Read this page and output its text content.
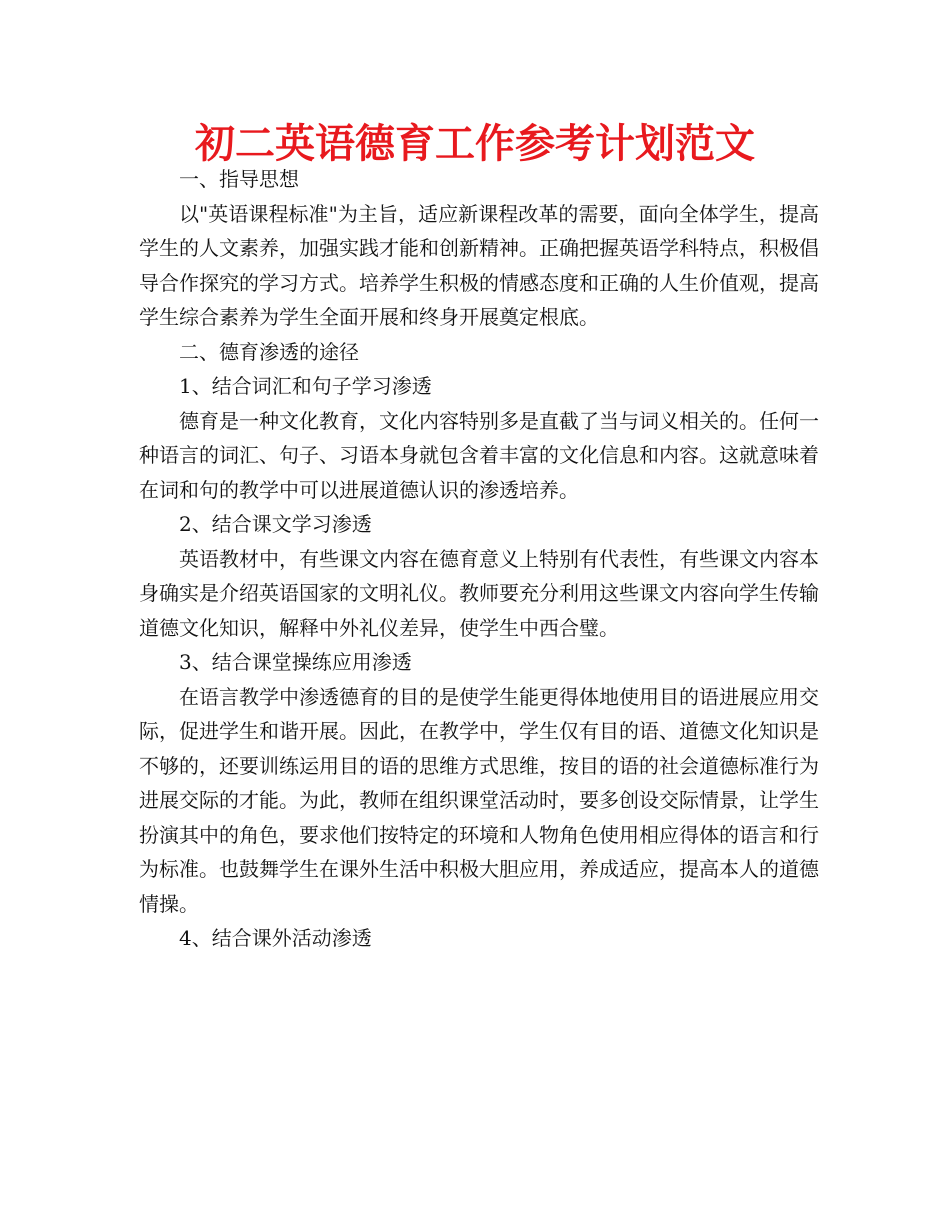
初二英语德育工作参考计划范文

一、指导思想

以"英语课程标准"为主旨，适应新课程改革的需要，面向全体学生，提高学生的人文素养，加强实践才能和创新精神。正确把握英语学科特点，积极倡导合作探究的学习方式。培养学生积极的情感态度和正确的人生价值观，提高学生综合素养为学生全面开展和终身开展奠定根底。

二、德育渗透的途径

1、结合词汇和句子学习渗透

德育是一种文化教育，文化内容特别多是直截了当与词义相关的。任何一种语言的词汇、句子、习语本身就包含着丰富的文化信息和内容。这就意味着在词和句的教学中可以进展道德认识的渗透培养。

2、结合课文学习渗透

英语教材中，有些课文内容在德育意义上特别有代表性，有些课文内容本身确实是介绍英语国家的文明礼仪。教师要充分利用这些课文内容向学生传输道德文化知识，解释中外礼仪差异，使学生中西合璧。

3、结合课堂操练应用渗透

在语言教学中渗透德育的目的是使学生能更得体地使用目的语进展应用交际，促进学生和谐开展。因此，在教学中，学生仅有目的语、道德文化知识是不够的，还要训练运用目的语的思维方式思维，按目的语的社会道德标准行为进展交际的才能。为此，教师在组织课堂活动时，要多创设交际情景，让学生扮演其中的角色，要求他们按特定的环境和人物角色使用相应得体的语言和行为标准。也鼓舞学生在课外生活中积极大胆应用，养成适应，提高本人的道德情操。

4、结合课外活动渗透
